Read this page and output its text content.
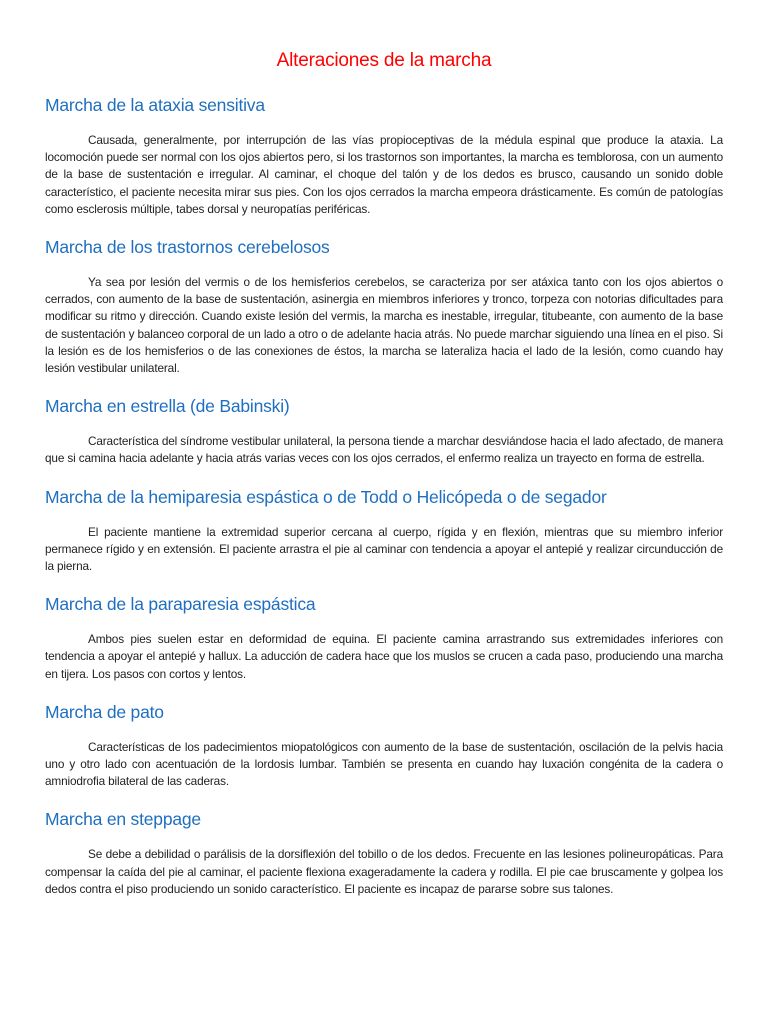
Alteraciones de la marcha
Marcha de la ataxia sensitiva

Causada, generalmente, por interrupción de las vías propioceptivas de la médula espinal que produce la ataxia. La locomoción puede ser normal con los ojos abiertos pero, si los trastornos son importantes, la marcha es temblorosa, con un aumento de la base de sustentación e irregular. Al caminar, el choque del talón y de los dedos es brusco, causando un sonido doble característico, el paciente necesita mirar sus pies. Con los ojos cerrados la marcha empeora drásticamente. Es común de patologías como esclerosis múltiple, tabes dorsal y neuropatías periféricas.

Marcha de los trastornos cerebelosos

Ya sea por lesión del vermis o de los hemisferios cerebelos, se caracteriza por ser atáxica tanto con los ojos abiertos o cerrados, con aumento de la base de sustentación, asinergia en miembros inferiores y tronco, torpeza con notorias dificultades para modificar su ritmo y dirección. Cuando existe lesión del vermis, la marcha es inestable, irregular, titubeante, con aumento de la base de sustentación y balanceo corporal de un lado a otro o de adelante hacia atrás. No puede marchar siguiendo una línea en el piso. Si la lesión es de los hemisferios o de las conexiones de éstos, la marcha se lateraliza hacia el lado de la lesión, como cuando hay lesión vestibular unilateral.

Marcha en estrella (de Babinski)

Característica del síndrome vestibular unilateral, la persona tiende a marchar desviándose hacia el lado afectado, de manera que si camina hacia adelante y hacia atrás varias veces con los ojos cerrados, el enfermo realiza un trayecto en forma de estrella.

Marcha de la hemiparesia espástica o de Todd o Helicópeda o de segador

El paciente mantiene la extremidad superior cercana al cuerpo, rígida y en flexión, mientras que su miembro inferior permanece rígido y en extensión. El paciente arrastra el pie al caminar con tendencia a apoyar el antepié y realizar circunducción de la pierna.

Marcha de la paraparesia espástica

Ambos pies suelen estar en deformidad de equina. El paciente camina arrastrando sus extremidades inferiores con tendencia a apoyar el antepié y hallux. La aducción de cadera hace que los muslos se crucen a cada paso, produciendo una marcha en tijera. Los pasos con cortos y lentos.

Marcha de pato

Características de los padecimientos miopatológicos con aumento de la base de sustentación, oscilación de la pelvis hacia uno y otro lado con acentuación de la lordosis lumbar. También se presenta en cuando hay luxación congénita de la cadera o amniodrofia bilateral de las caderas.

Marcha en steppage

Se debe a debilidad o parálisis de la dorsiflexión del tobillo o de los dedos. Frecuente en las lesiones polineuropáticas. Para compensar la caída del pie al caminar, el paciente flexiona exageradamente la cadera y rodilla. El pie cae bruscamente y golpea los dedos contra el piso produciendo un sonido característico. El paciente es incapaz de pararse sobre sus talones.
